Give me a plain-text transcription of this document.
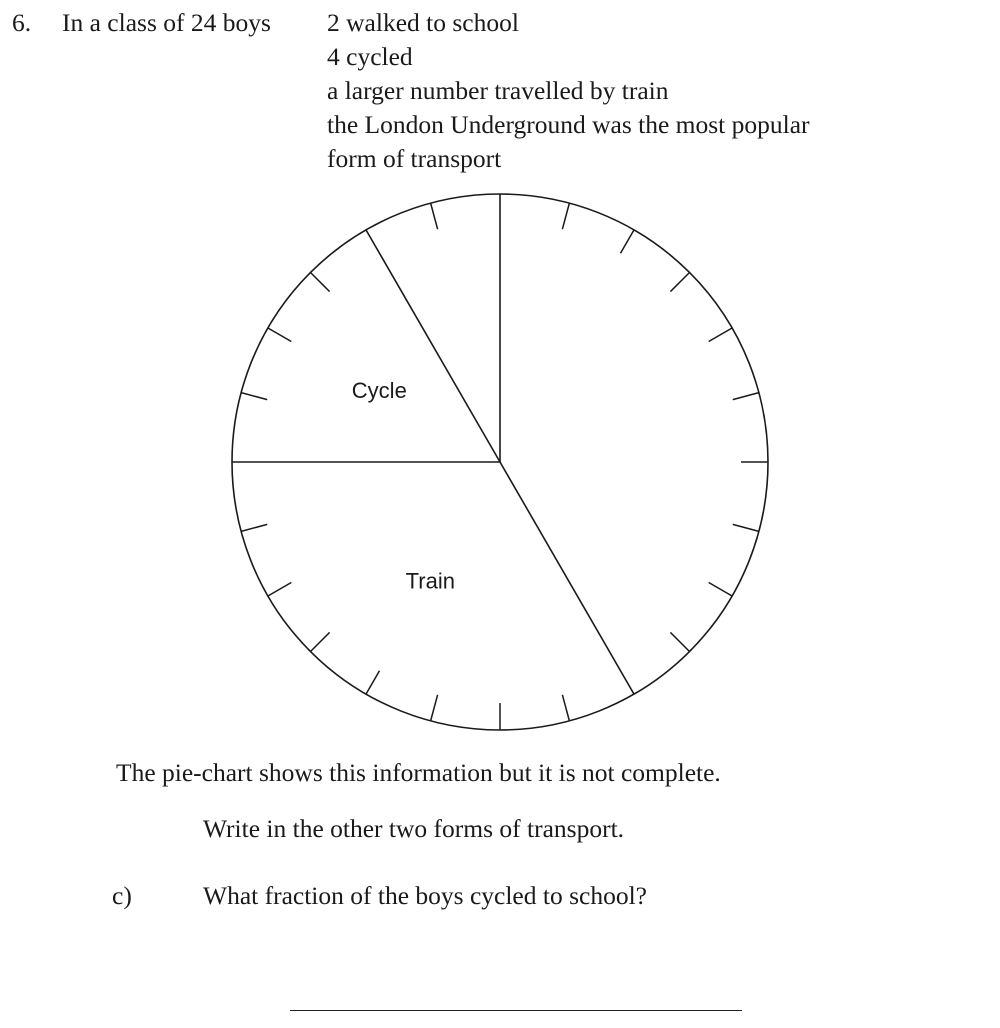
6. In a class of 24 boys 2 walked to school
4 cycled
a larger number travelled by train
the London Underground was the most popular
form of transport
Cycle
Train
The pie-chart shows this information but it is not complete.
Write in the other two forms of transport.
c)	What fraction of the boys cycled to school?
